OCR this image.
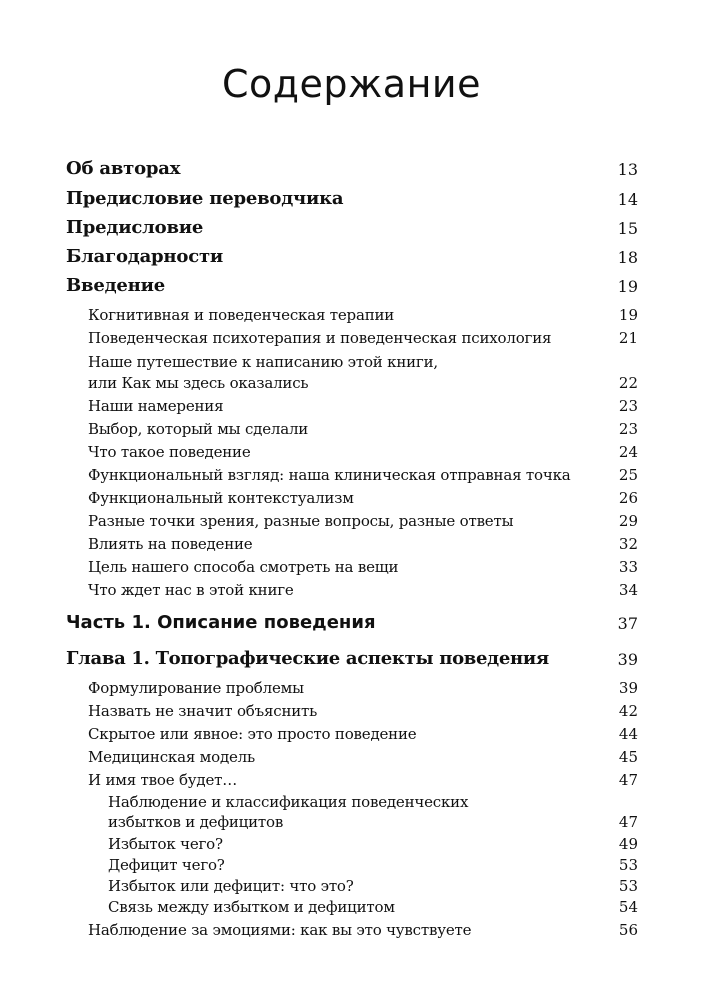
Содержание
Об авторах	13
Предисловие переводчика	14
Предисловие	15
Благодарности	18
Введение	19
Когнитивная и поведенческая терапии	19
Поведенческая психотерапия и поведенческая психология	21
Наше путешествие к написанию этой книги,
или Как мы здесь оказались	22
Наши намерения	23
Выбор, который мы сделали	23
Что такое поведение	24
Функциональный взгляд: наша клиническая отправная точка	25
Функциональный контекстуализм	26
Разные точки зрения, разные вопросы, разные ответы	29
Влиять на поведение	32
Цель нашего способа смотреть на вещи	33
Что ждет нас в этой книге	34
Часть 1. Описание поведения	37
Глава 1. Топографические аспекты поведения	39
Формулирование проблемы	39
Назвать не значит объяснить	42
Скрытое или явное: это просто поведение	44
Медицинская модель	45
И имя твое будет…	47
Наблюдение и классификация поведенческих
избытков и дефицитов	47
Избыток чего?	49
Дефицит чего?	53
Избыток или дефицит: что это?	53
Связь между избытком и дефицитом	54
Наблюдение за эмоциями: как вы это чувствуете	56
